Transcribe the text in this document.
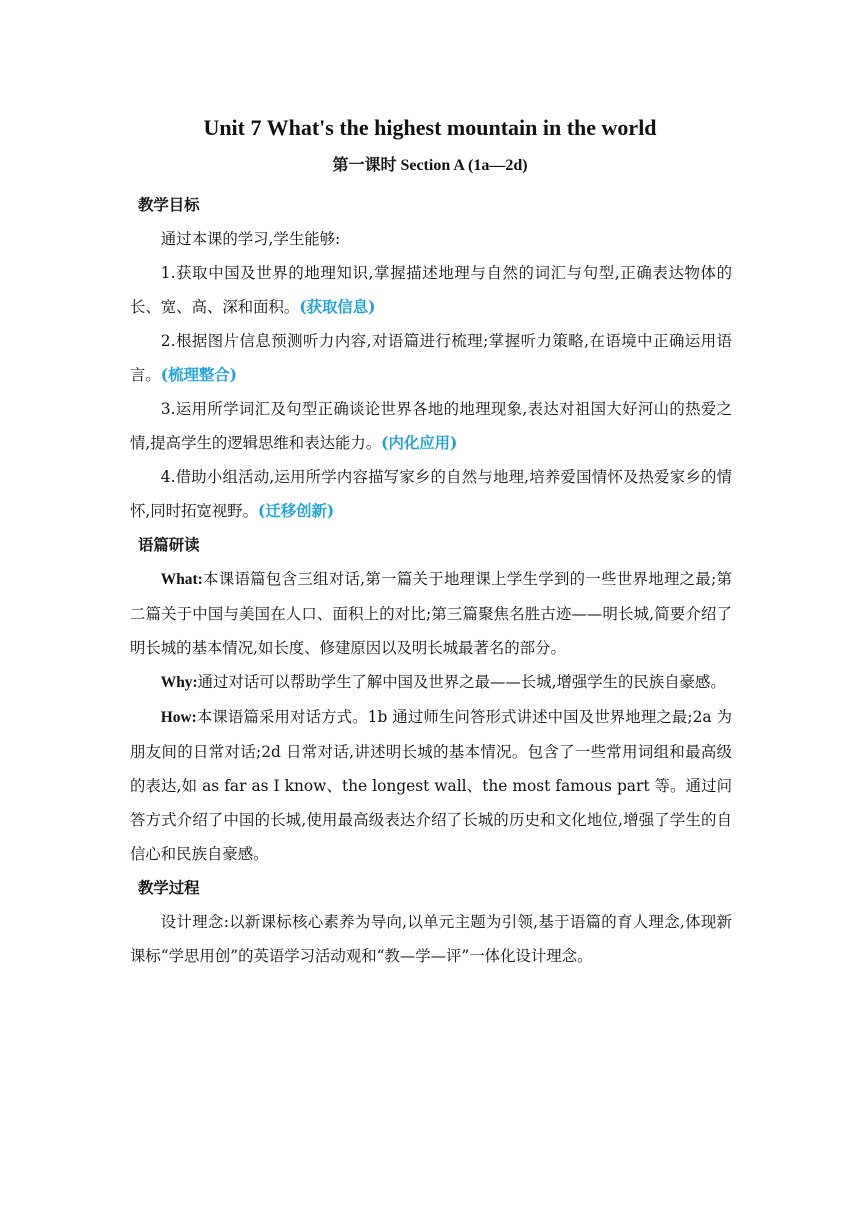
Unit 7 What's the highest mountain in the world
第一课时 Section A (1a—2d)
教学目标
通过本课的学习,学生能够:
1.获取中国及世界的地理知识,掌握描述地理与自然的词汇与句型,正确表达物体的长、宽、高、深和面积。(获取信息)
2.根据图片信息预测听力内容,对语篇进行梳理;掌握听力策略,在语境中正确运用语言。(梳理整合)
3.运用所学词汇及句型正确谈论世界各地的地理现象,表达对祖国大好河山的热爱之情,提高学生的逻辑思维和表达能力。(内化应用)
4.借助小组活动,运用所学内容描写家乡的自然与地理,培养爱国情怀及热爱家乡的情怀,同时拓宽视野。(迁移创新)
语篇研读
What:本课语篇包含三组对话,第一篇关于地理课上学生学到的一些世界地理之最;第二篇关于中国与美国在人口、面积上的对比;第三篇聚焦名胜古迹——明长城,简要介绍了明长城的基本情况,如长度、修建原因以及明长城最著名的部分。
Why:通过对话可以帮助学生了解中国及世界之最——长城,增强学生的民族自豪感。
How:本课语篇采用对话方式。1b 通过师生问答形式讲述中国及世界地理之最;2a 为朋友间的日常对话;2d 日常对话,讲述明长城的基本情况。包含了一些常用词组和最高级的表达,如 as far as I know、the longest wall、the most famous part 等。通过问答方式介绍了中国的长城,使用最高级表达介绍了长城的历史和文化地位,增强了学生的自信心和民族自豪感。
教学过程
设计理念:以新课标核心素养为导向,以单元主题为引领,基于语篇的育人理念,体现新课标“学思用创”的英语学习活动观和“教—学—评”一体化设计理念。
